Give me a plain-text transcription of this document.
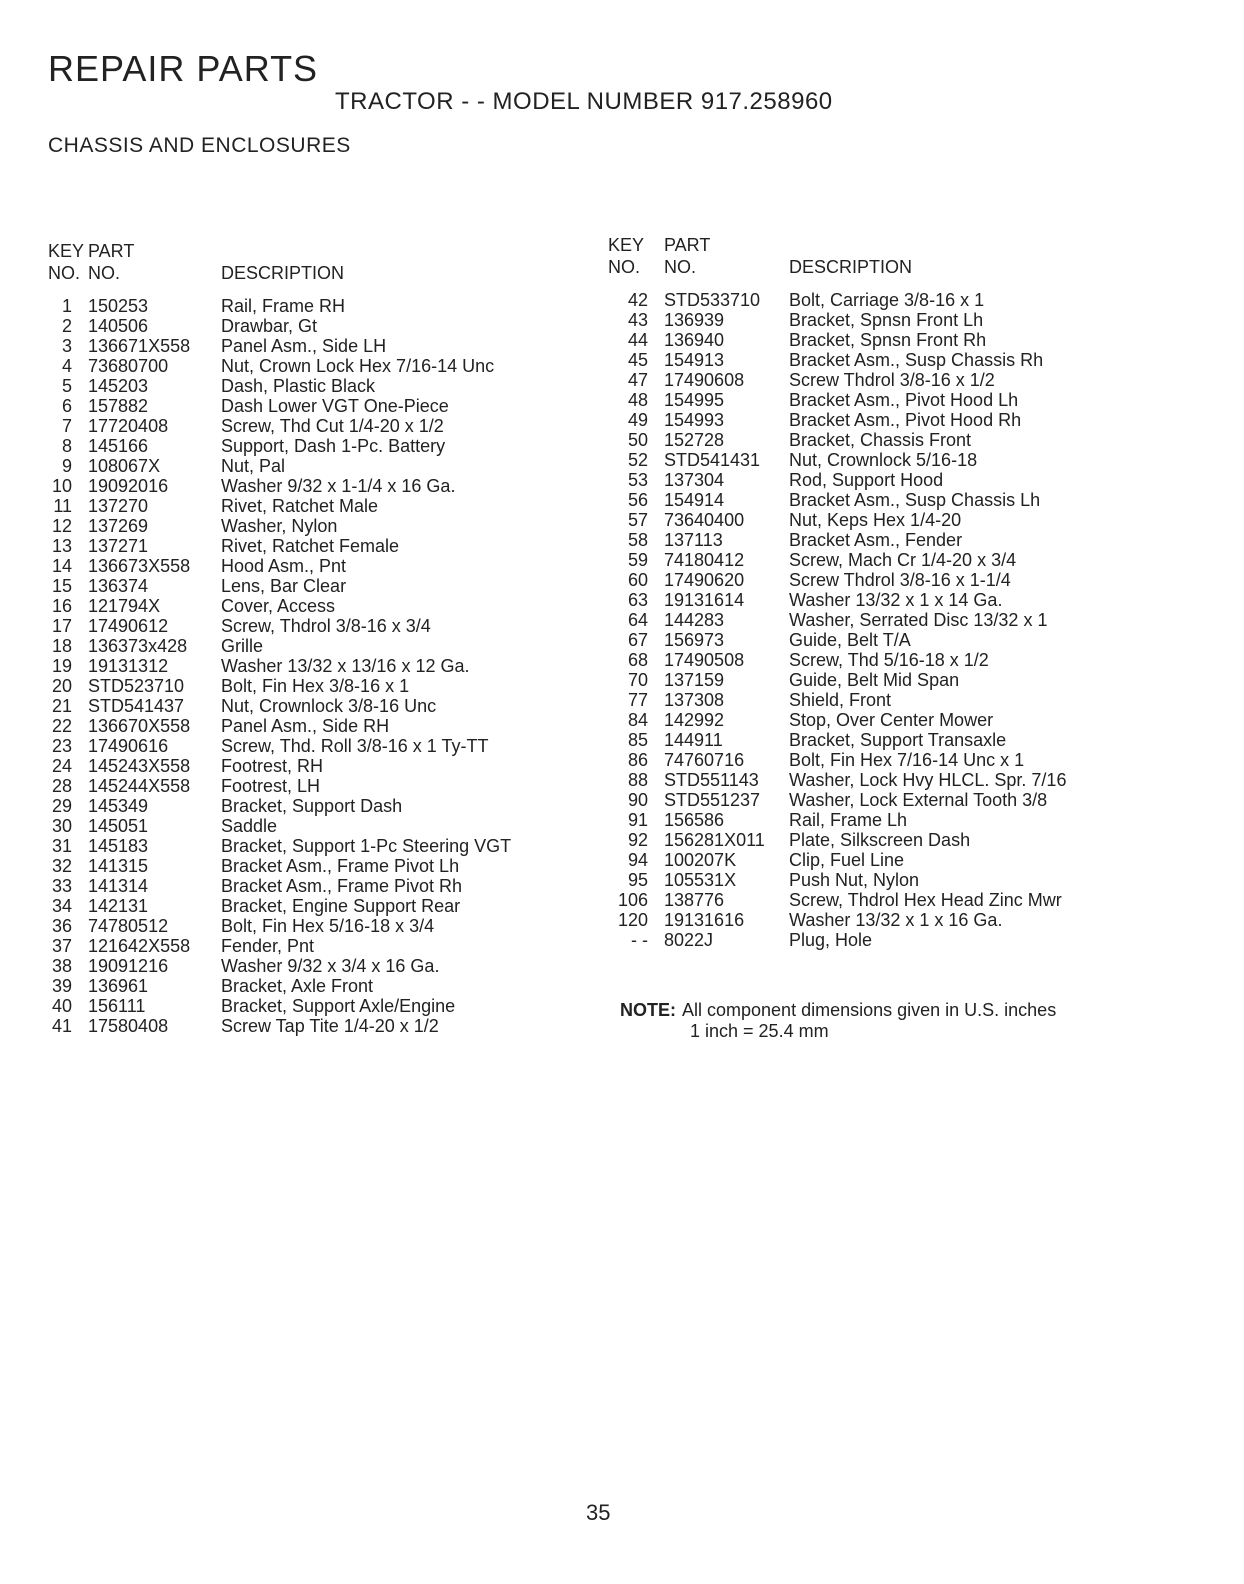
REPAIR PARTS
TRACTOR - - MODEL NUMBER 917.258960
CHASSIS AND ENCLOSURES
KEY	PART	
NO.	NO.	DESCRIPTION
1	150253	Rail, Frame RH
2	140506	Drawbar, Gt
3	136671X558	Panel Asm., Side LH
4	73680700	Nut, Crown Lock Hex 7/16-14 Unc
5	145203	Dash, Plastic Black
6	157882	Dash Lower VGT One-Piece
7	17720408	Screw, Thd Cut 1/4-20 x 1/2
8	145166	Support, Dash 1-Pc. Battery
9	108067X	Nut, Pal
10	19092016	Washer 9/32 x 1-1/4 x 16 Ga.
11	137270	Rivet, Ratchet Male
12	137269	Washer, Nylon
13	137271	Rivet, Ratchet Female
14	136673X558	Hood Asm., Pnt
15	136374	Lens, Bar Clear
16	121794X	Cover, Access
17	17490612	Screw, Thdrol 3/8-16 x 3/4
18	136373x428	Grille
19	19131312	Washer 13/32 x 13/16 x 12 Ga.
20	STD523710	Bolt, Fin Hex 3/8-16 x 1
21	STD541437	Nut, Crownlock 3/8-16 Unc
22	136670X558	Panel Asm., Side RH
23	17490616	Screw, Thd. Roll 3/8-16 x 1 Ty-TT
24	145243X558	Footrest, RH
28	145244X558	Footrest, LH
29	145349	Bracket, Support Dash
30	145051	Saddle
31	145183	Bracket, Support 1-Pc Steering VGT
32	141315	Bracket Asm., Frame Pivot Lh
33	141314	Bracket Asm., Frame Pivot Rh
34	142131	Bracket, Engine Support Rear
36	74780512	Bolt, Fin Hex 5/16-18 x 3/4
37	121642X558	Fender, Pnt
38	19091216	Washer 9/32 x 3/4 x 16 Ga.
39	136961	Bracket, Axle Front
40	156111	Bracket, Support Axle/Engine
41	17580408	Screw Tap Tite 1/4-20 x 1/2
KEY	PART	
NO.	NO.	DESCRIPTION
42	STD533710	Bolt, Carriage 3/8-16 x 1
43	136939	Bracket, Spnsn Front Lh
44	136940	Bracket, Spnsn Front Rh
45	154913	Bracket Asm., Susp Chassis Rh
47	17490608	Screw Thdrol 3/8-16 x 1/2
48	154995	Bracket Asm., Pivot Hood Lh
49	154993	Bracket Asm., Pivot Hood Rh
50	152728	Bracket, Chassis Front
52	STD541431	Nut, Crownlock 5/16-18
53	137304	Rod, Support Hood
56	154914	Bracket Asm., Susp Chassis Lh
57	73640400	Nut, Keps Hex 1/4-20
58	137113	Bracket Asm., Fender
59	74180412	Screw, Mach Cr 1/4-20 x 3/4
60	17490620	Screw Thdrol 3/8-16 x 1-1/4
63	19131614	Washer 13/32 x 1 x 14 Ga.
64	144283	Washer, Serrated Disc 13/32 x 1
67	156973	Guide, Belt T/A
68	17490508	Screw, Thd 5/16-18 x 1/2
70	137159	Guide, Belt Mid Span
77	137308	Shield, Front
84	142992	Stop, Over Center Mower
85	144911	Bracket, Support Transaxle
86	74760716	Bolt, Fin Hex 7/16-14 Unc x 1
88	STD551143	Washer, Lock Hvy HLCL. Spr. 7/16
90	STD551237	Washer, Lock External Tooth 3/8
91	156586	Rail, Frame Lh
92	156281X011	Plate, Silkscreen Dash
94	100207K	Clip, Fuel Line
95	105531X	Push Nut, Nylon
106	138776	Screw, Thdrol Hex Head Zinc Mwr
120	19131616	Washer 13/32 x 1 x 16 Ga.
- -	8022J	Plug, Hole
NOTE: All component dimensions given in U.S. inches
1 inch = 25.4 mm
35
